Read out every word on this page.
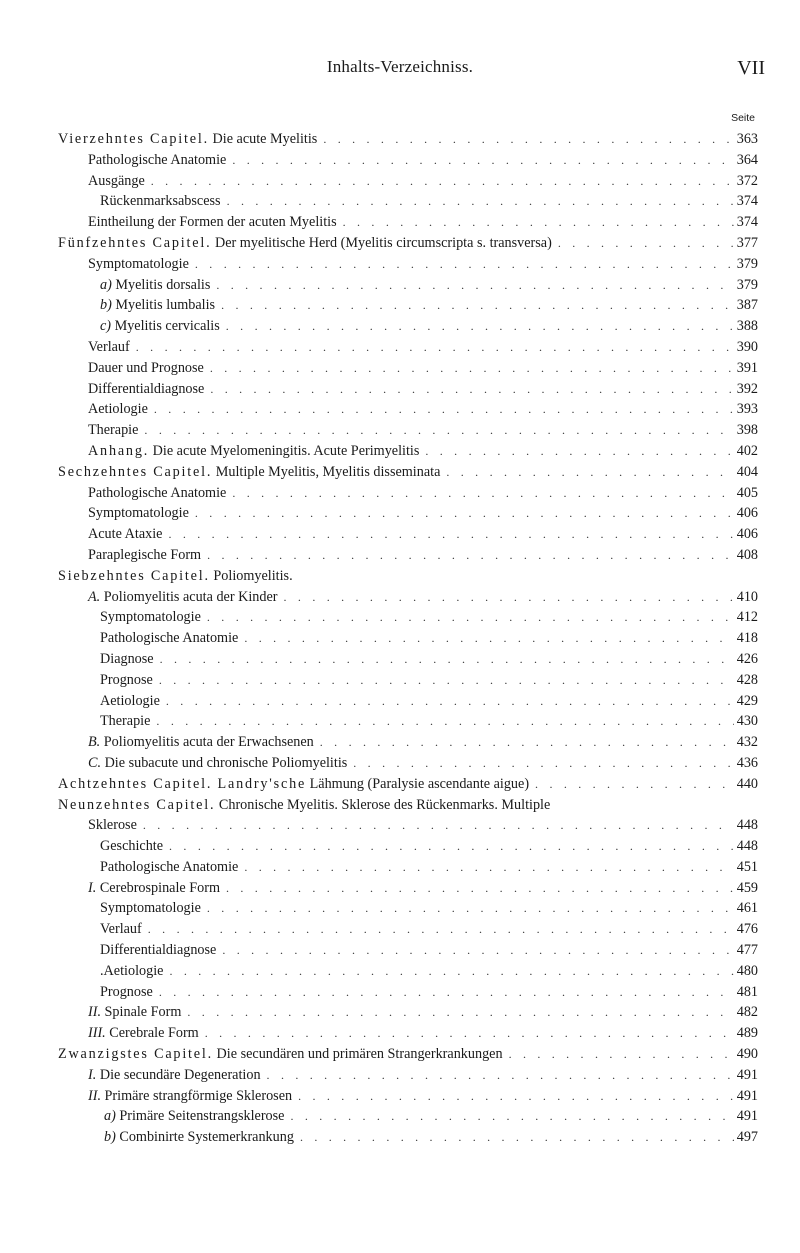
Inhalts-Verzeichniss.	VII
Seite
Vierzehntes Capitel. Die acute Myelitis . . .	363
Pathologische Anatomie . . .	364
Ausgänge . . .	372
Rückenmarksabscess . . .	374
Eintheilung der Formen der acuten Myelitis . . .	374
Fünfzehntes Capitel. Der myelitische Herd (Myelitis circumscripta s. transversa) . . .	377
Symptomatologie . . .	379
a) Myelitis dorsalis . . .	379
b) Myelitis lumbalis . . .	387
c) Myelitis cervicalis . . .	388
Verlauf . . .	390
Dauer und Prognose . . .	391
Differentialdiagnose . . .	392
Aetiologie . . .	393
Therapie . . .	398
Anhang. Die acute Myelomeningitis. Acute Perimyelitis . . .	402
Sechzehntes Capitel. Multiple Myelitis, Myelitis disseminata . . .	404
Pathologische Anatomie . . .	405
Symptomatologie . . .	406
Acute Ataxie . . .	406
Paraplegische Form . . .	408
Siebzehntes Capitel. Poliomyelitis.
A. Poliomyelitis acuta der Kinder . . .	410
Symptomatologie . . .	412
Pathologische Anatomie . . .	418
Diagnose . . .	426
Prognose . . .	428
Aetiologie . . .	429
Therapie . . .	430
B. Poliomyelitis acuta der Erwachsenen . . .	432
C. Die subacute und chronische Poliomyelitis . . .	436
Achtzehntes Capitel. Landry'sche Lähmung (Paralysie ascendante aigue) . . .	440
Neunzehntes Capitel. Chronische Myelitis. Sklerose des Rückenmarks. Multiple
Sklerose . . .	448
Geschichte . . .	448
Pathologische Anatomie . . .	451
I. Cerebrospinale Form . . .	459
Symptomatologie . . .	461
Verlauf . . .	476
Differentialdiagnose . . .	477
.Aetiologie . . .	480
Prognose . . .	481
II. Spinale Form . . .	482
III. Cerebrale Form . . .	489
Zwanzigstes Capitel. Die secundären und primären Strangerkrankungen . . .	490
I. Die secundäre Degeneration . . .	491
II. Primäre strangförmige Sklerosen . . .	491
a) Primäre Seitenstrangsklerose . . .	491
b) Combinirte Systemerkrankung . . .	497
